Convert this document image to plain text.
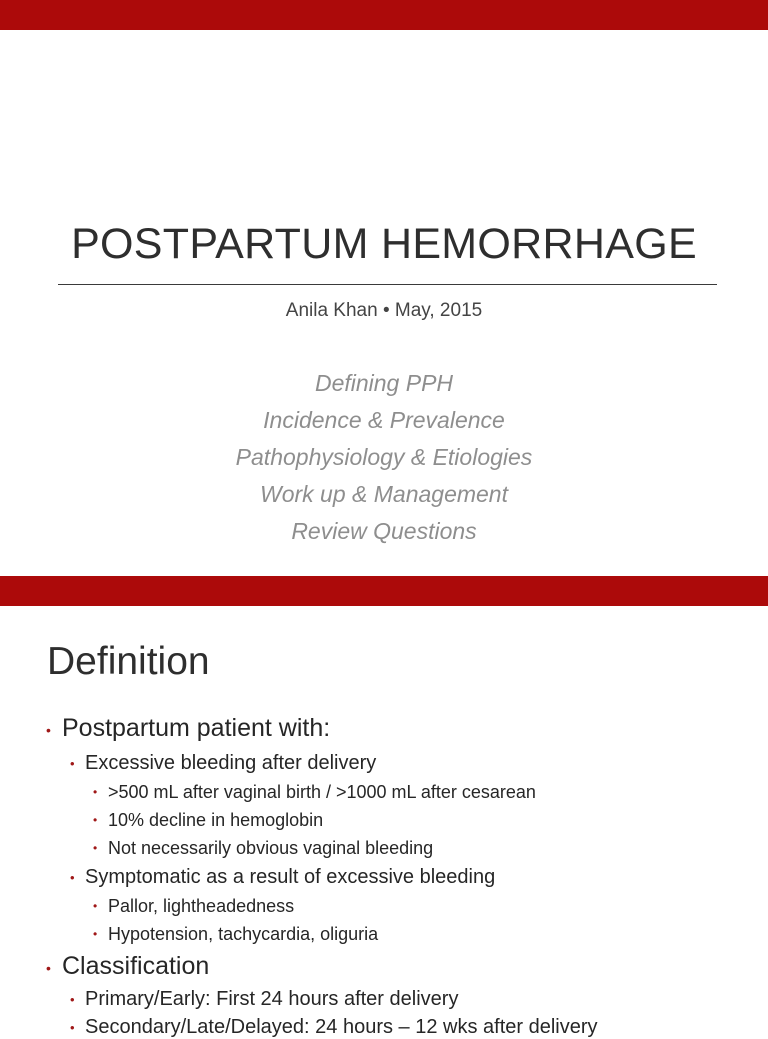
POSTPARTUM HEMORRHAGE
Anila Khan • May, 2015
Defining PPH
Incidence & Prevalence
Pathophysiology & Etiologies
Work up & Management
Review Questions
Definition
• Postpartum patient with:
• Excessive bleeding after delivery
• >500 mL after vaginal birth / >1000 mL after cesarean
• 10% decline in hemoglobin
• Not necessarily obvious vaginal bleeding
• Symptomatic as a result of excessive bleeding
• Pallor, lightheadedness
• Hypotension, tachycardia, oliguria
• Classification
• Primary/Early: First 24 hours after delivery
• Secondary/Late/Delayed: 24 hours – 12 wks after delivery
